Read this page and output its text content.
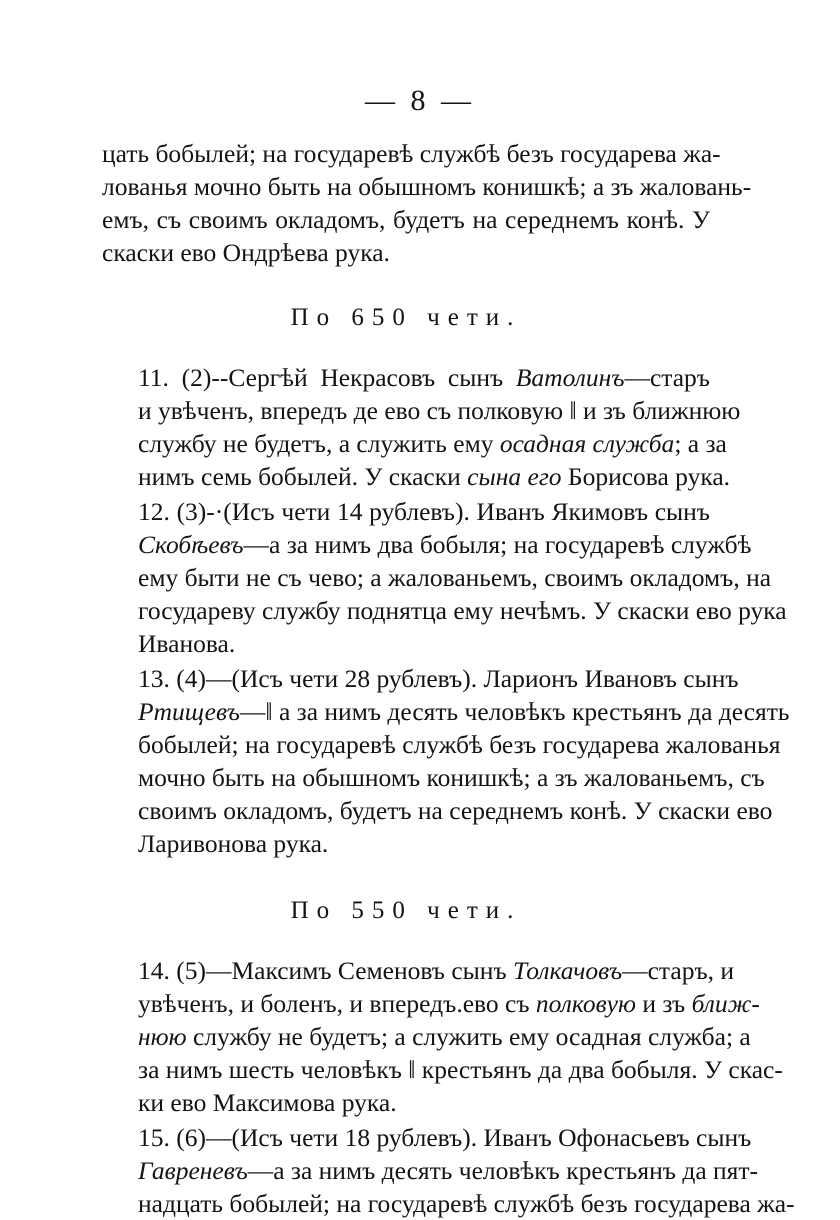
— 8 —

цать бобылей; на государевѣ службѣ безъ государева жа-
лованья мочно быть на обышномъ конишкѣ; а зъ жаловань-
емъ, съ своимъ окладомъ, будетъ на середнемъ конѣ. У
скаски ево Ондрѣева рука.

По 650 чети.

11. (2)--Сергѣй Некрасовъ сынъ Ватолинъ—старъ
и увѣченъ, впередъ де ево съ полковую ‖ и зъ ближнюю
службу не будетъ, а служить ему осадная служба; а за
нимъ семь бобылей. У скаски сына его Борисова рука.

12. (3)-·(Исъ чети 14 рублевъ). Иванъ Якимовъ сынъ
Скобѣевъ—а за нимъ два бобыля; на государевѣ службѣ
ему быти не съ чево; а жалованьемъ, своимъ окладомъ, на
государеву службу поднятца ему нечѣмъ. У скаски ево рука
Иванова.

13. (4)—(Исъ чети 28 рублевъ). Ларионъ Ивановъ сынъ
Ртищевъ—‖ а за нимъ десять человѣкъ крестьянъ да десять
бобылей; на государевѣ службѣ безъ государева жалованья
мочно быть на обышномъ конишкѣ; а зъ жалованьемъ, съ
своимъ окладомъ, будетъ на середнемъ конѣ. У скаски ево
Ларивонова рука.

По 550 чети.

14. (5)—Максимъ Семеновъ сынъ Толкачовъ—старъ, и
увѣченъ, и боленъ, и впередъ.ево съ полковую и зъ ближ-
нюю службу не будетъ; а служить ему осадная служба; а
за нимъ шесть человѣкъ ‖ крестьянъ да два бобыля. У скас-
ки ево Максимова рука.

15. (6)—(Исъ чети 18 рублевъ). Иванъ Офонасьевъ сынъ
Гавреневъ—а за нимъ десять человѣкъ крестьянъ да пят-
надцать бобылей; на государевѣ службѣ безъ государева жа-
